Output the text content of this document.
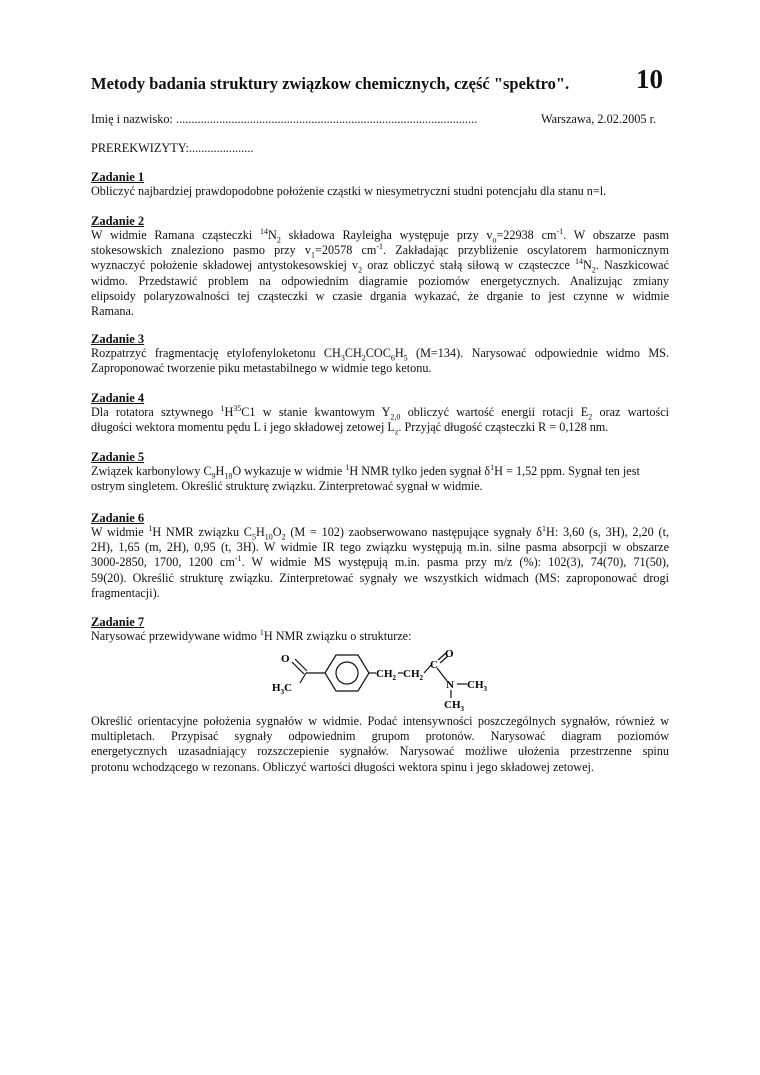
Metody badania struktury związkow chemicznych, część "spektro". 10
Imię i nazwisko: ..................................................................................................	Warszawa, 2.02.2005 r.
PREREKWIZYTY:.....................
Zadanie 1
Obliczyć najbardziej prawdopodobne położenie cząstki w niesymetryczni studni potencjału dla stanu n=l.
Zadanie 2
W widmie Ramana cząsteczki $^{14}N_2$ składowa Rayleigha występuje przy $v_o=22938$ $cm^{-1}$. W obszarze pasm
stokesowskich znaleziono pasmo przy $v_1=20578$ $cm^{-1}$. Zakładając przybliżenie oscylatorem harmonicznym
wyznaczyć położenie składowej antystokesowskiej $v_2$ oraz obliczyć stałą siłową w cząsteczce $^{14}N_2$. Naszkicować
widmo. Przedstawić problem na odpowiednim diagramie poziomów energetycznych. Analizując zmiany
elipsoidy polaryzowalności tej cząsteczki w czasie drgania wykazać, że drganie to jest czynne w widmie
Ramana.
Zadanie 3
Rozpatrzyć fragmentację etylofenyloketonu $CH_3CH_2COC_6H_5$ (M=134). Narysować odpowiednie widmo MS.
Zaproponować tworzenie piku metastabilnego w widmie tego ketonu.
Zadanie 4
Dla rotatora sztywnego $^1H^{35}C1$ w stanie kwantowym $Y_{2,0}$ obliczyć wartość energii rotacji $E_2$ oraz wartości
długości wektora momentu pędu L i jego składowej zetowej $L_z$. Przyjąć długość cząsteczki R = 0,128 nm.
Zadanie 5
Związek karbonylowy $C_9H_{18}O$ wykazuje w widmie $^1$H NMR tylko jeden sygnał $\delta^1H = 1,52$ ppm. Sygnał ten jest
ostrym singletem. Określić strukturę związku. Zinterpretować sygnał w widmie.
Zadanie 6
W widmie $^1$H NMR związku $C_5H_{10}O_2$ (M = 102) zaobserwowano następujące sygnały $\delta^1H$: 3,60 (s, 3H), 2,20 (t,
2H), 1,65 (m, 2H), 0,95 (t, 3H). W widmie IR tego związku występują m.in. silne pasma absorpcji w obszarze
3000-2850, 1700, 1200 $cm^{-1}$. W widmie MS występują m.in. pasma przy m/z (%): 102(3), 74(70), 71(50),
59(20). Określić strukturę związku. Zinterpretować sygnały we wszystkich widmach (MS: zaproponować drogi
fragmentacji).
Zadanie 7
Narysować przewidywane widmo $^1$H NMR związku o strukturze:
O
$H_3C$
$CH_2$ $CH_2$
C
O
N $CH_3$
$CH_3$
Określić orientacyjne położenia sygnałów w widmie. Podać intensywności poszczególnych sygnałów, również w
multipletach. Przypisać sygnały odpowiednim grupom protonów. Narysować diagram poziomów
energetycznych uzasadniający rozszczepienie sygnałów. Narysować możliwe ułożenia przestrzenne spinu
protonu wchodzącego w rezonans. Obliczyć wartości długości wektora spinu i jego składowej zetowej.
